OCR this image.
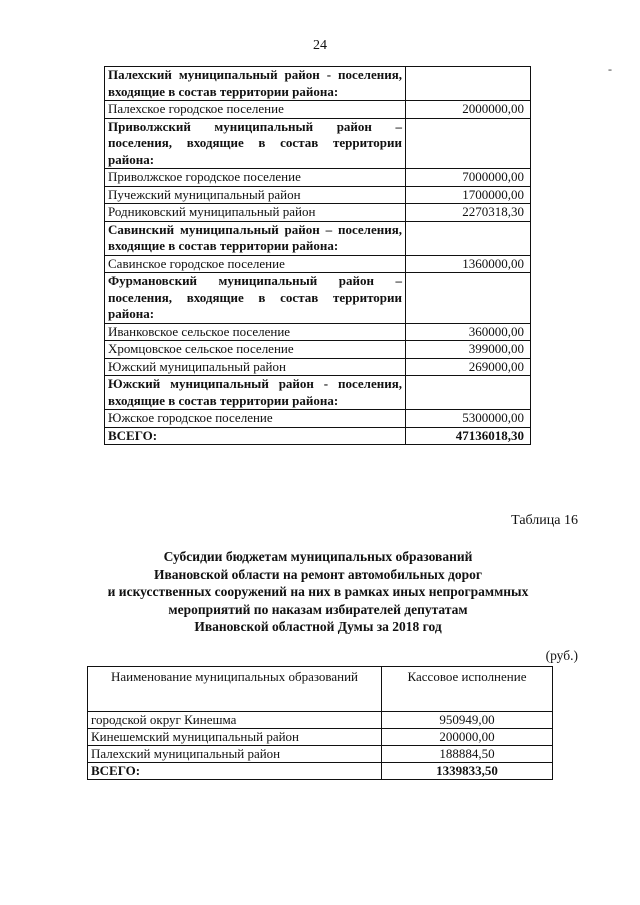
24
-
Палехский муниципальный район - поселения, входящие в состав территории района:	
Палехское городское поселение	2000000,00
Приволжский муниципальный район – поселения, входящие в состав территории района:	
Приволжское городское поселение	7000000,00
Пучежский муниципальный район	1700000,00
Родниковский муниципальный район	2270318,30
Савинский муниципальный район – поселения, входящие в состав территории района:	
Савинское городское поселение	1360000,00
Фурмановский муниципальный район – поселения, входящие в состав территории района:	
Иванковское сельское поселение	360000,00
Хромцовское сельское поселение	399000,00
Южский муниципальный район	269000,00
Южский муниципальный район - поселения, входящие в состав территории района:	
Южское городское поселение	5300000,00
ВСЕГО:	47136018,30
Таблица 16
Субсидии бюджетам муниципальных образований
Ивановской области на ремонт автомобильных дорог
и искусственных сооружений на них в рамках иных непрограммных
мероприятий по наказам избирателей депутатам
Ивановской областной Думы за 2018 год
(руб.)
Наименование муниципальных образований	Кассовое исполнение
городской округ Кинешма	950949,00
Кинешемский муниципальный район	200000,00
Палехский муниципальный район	188884,50
ВСЕГО:	1339833,50
